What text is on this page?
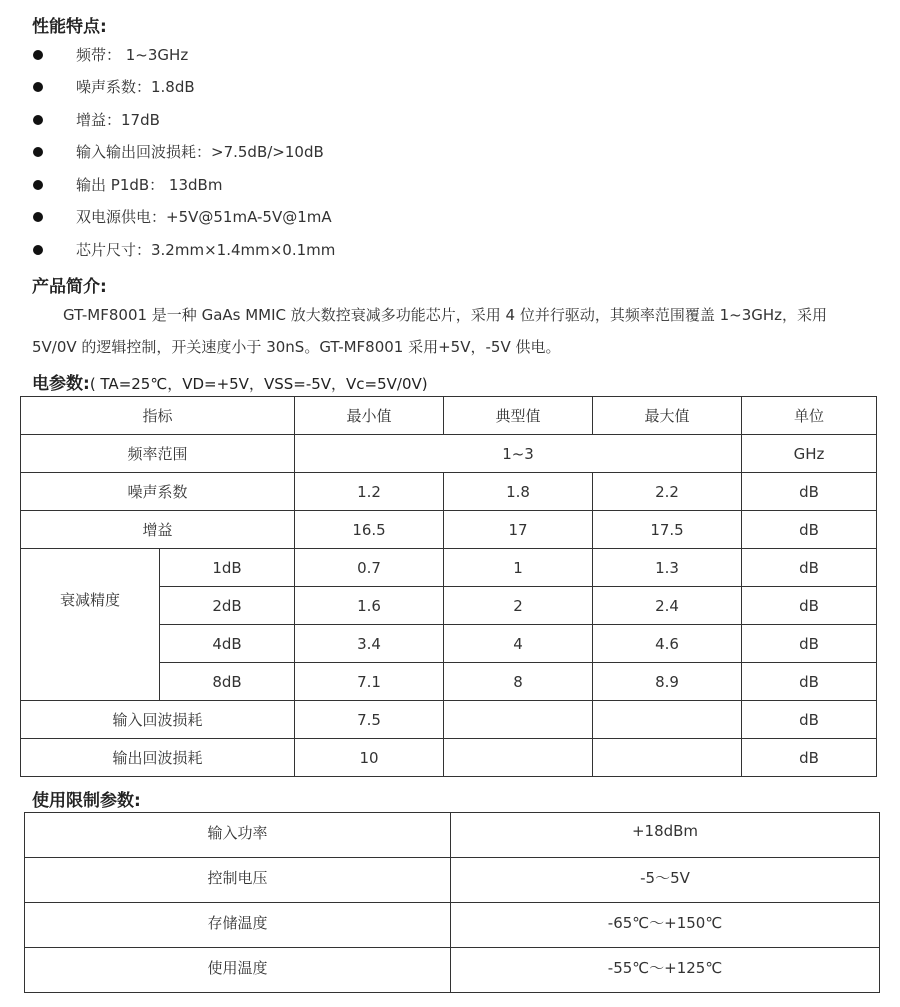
性能特点:
频带： 1~3GHz
噪声系数：1.8dB
增益：17dB
输入输出回波损耗：>7.5dB/>10dB
输出 P1dB： 13dBm
双电源供电：+5V@51mA-5V@1mA
芯片尺寸：3.2mm×1.4mm×0.1mm
产品简介:

GT-MF8001 是一种 GaAs MMIC 放大数控衰减多功能芯片，采用 4 位并行驱动，其频率范围覆盖 1~3GHz，采用 5V/0V 的逻辑控制，开关速度小于 30nS。GT-MF8001 采用+5V，-5V 供电。

电参数:( TA=25℃，VD=+5V，VSS=-5V，Vc=5V/0V)
指标		最小值	典型值	最大值	单位
频率范围		1~3			GHz
噪声系数		1.2	1.8	2.2	dB
增益		16.5	17	17.5	dB
衰减精度	1dB	0.7	1	1.3	dB
	2dB	1.6	2	2.4	dB
	4dB	3.4	4	4.6	dB
	8dB	7.1	8	8.9	dB
输入回波损耗		7.5			dB
输出回波损耗		10			dB
使用限制参数:
输入功率	+18dBm
控制电压	-5～5V
存储温度	-65℃～+150℃
使用温度	-55℃～+125℃
